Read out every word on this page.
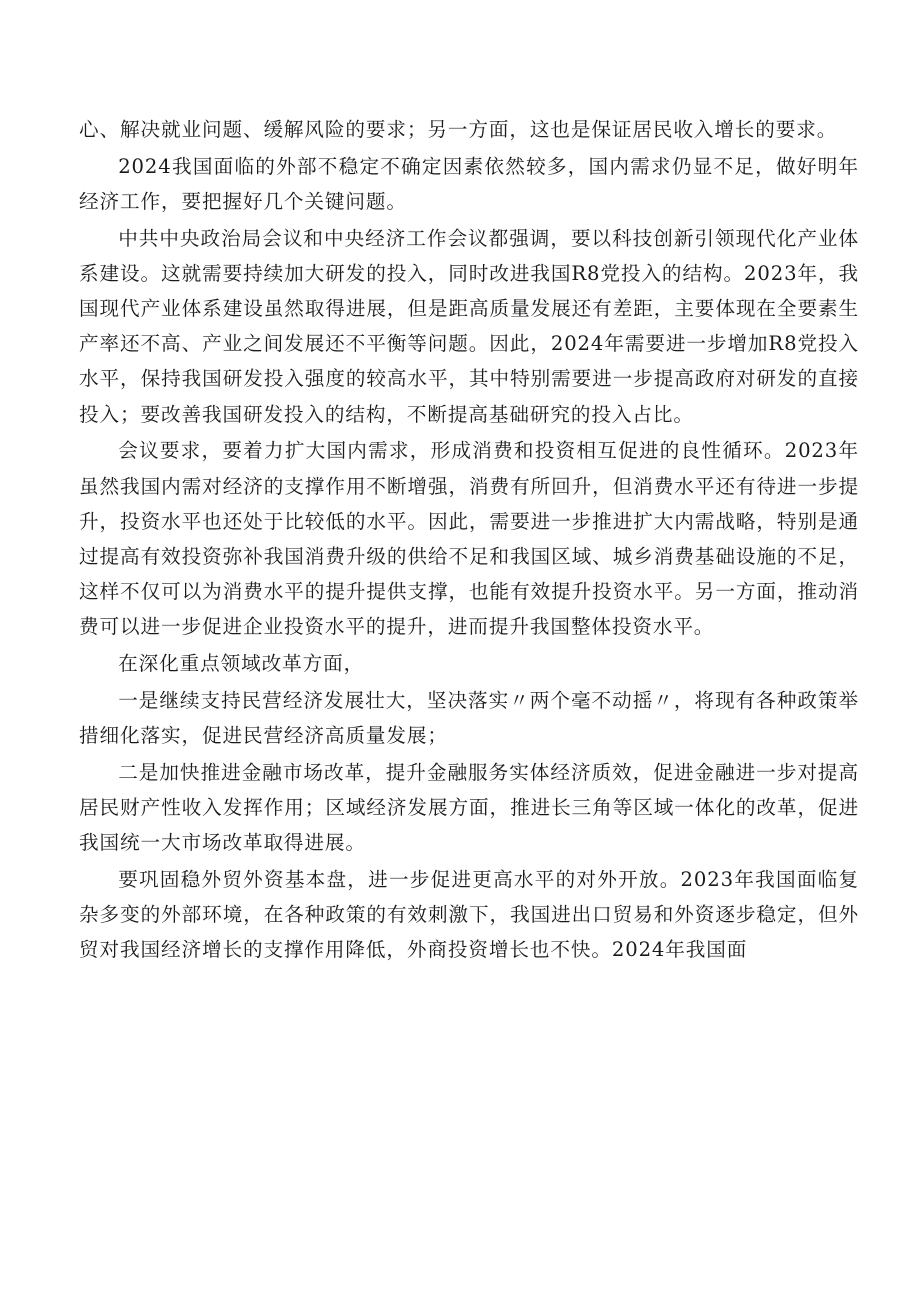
心、解决就业问题、缓解风险的要求；另一方面，这也是保证居民收入增长的要求。

2024我国面临的外部不稳定不确定因素依然较多，国内需求仍显不足，做好明年经济工作，要把握好几个关键问题。

中共中央政治局会议和中央经济工作会议都强调，要以科技创新引领现代化产业体系建设。这就需要持续加大研发的投入，同时改进我国R8党投入的结构。2023年，我国现代产业体系建设虽然取得进展，但是距高质量发展还有差距，主要体现在全要素生产率还不高、产业之间发展还不平衡等问题。因此，2024年需要进一步增加R8党投入水平，保持我国研发投入强度的较高水平，其中特别需要进一步提高政府对研发的直接投入；要改善我国研发投入的结构，不断提高基础研究的投入占比。

会议要求，要着力扩大国内需求，形成消费和投资相互促进的良性循环。2023年虽然我国内需对经济的支撑作用不断增强，消费有所回升，但消费水平还有待进一步提升，投资水平也还处于比较低的水平。因此，需要进一步推进扩大内需战略，特别是通过提高有效投资弥补我国消费升级的供给不足和我国区域、城乡消费基础设施的不足，这样不仅可以为消费水平的提升提供支撑，也能有效提升投资水平。另一方面，推动消费可以进一步促进企业投资水平的提升，进而提升我国整体投资水平。

在深化重点领域改革方面，

一是继续支持民营经济发展壮大，坚决落实〃两个毫不动摇〃，将现有各种政策举措细化落实，促进民营经济高质量发展；

二是加快推进金融市场改革，提升金融服务实体经济质效，促进金融进一步对提高居民财产性收入发挥作用；区域经济发展方面，推进长三角等区域一体化的改革，促进我国统一大市场改革取得进展。

要巩固稳外贸外资基本盘，进一步促进更高水平的对外开放。2023年我国面临复杂多变的外部环境，在各种政策的有效刺激下，我国进出口贸易和外资逐步稳定，但外贸对我国经济增长的支撑作用降低，外商投资增长也不快。2024年我国面
